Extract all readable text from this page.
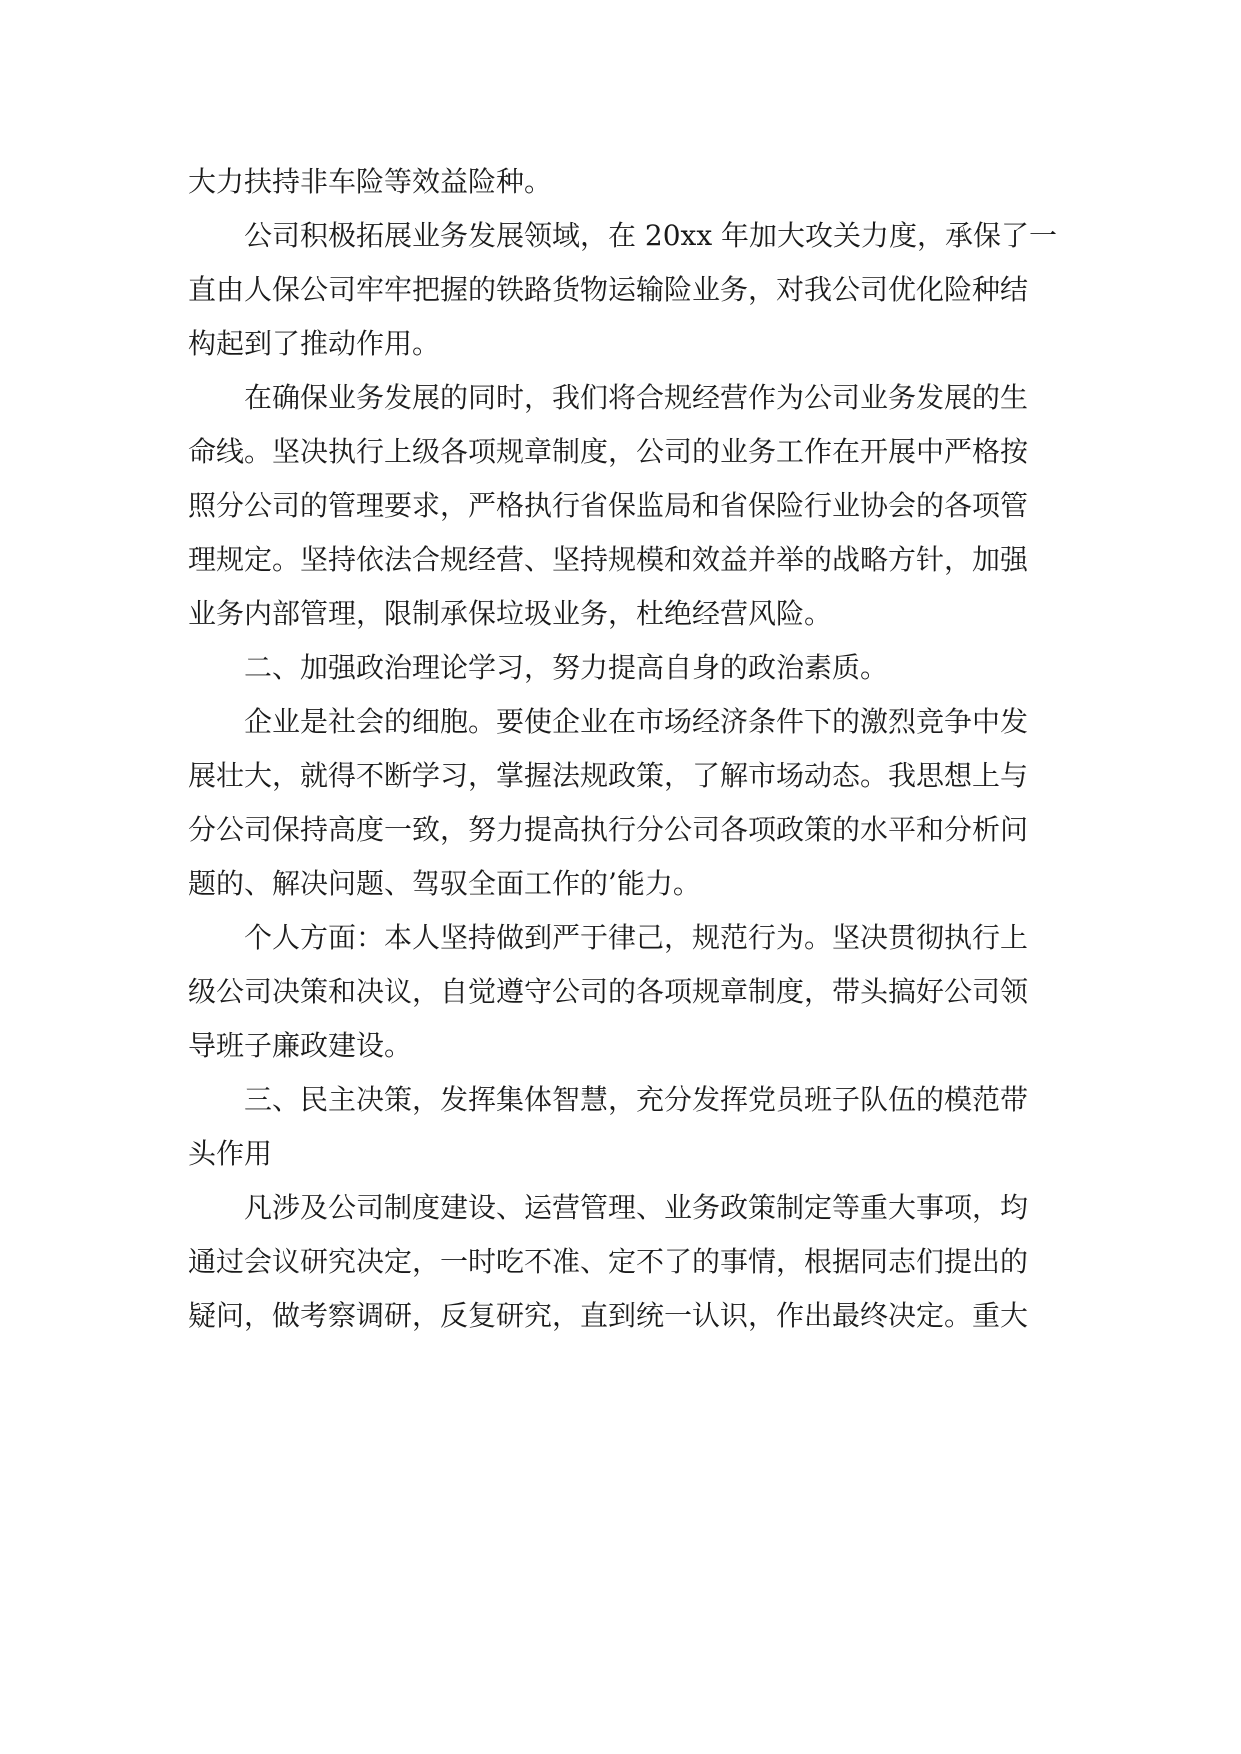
大力扶持非车险等效益险种。
　　公司积极拓展业务发展领域，在 20xx 年加大攻关力度，承保了一
直由人保公司牢牢把握的铁路货物运输险业务，对我公司优化险种结
构起到了推动作用。
　　在确保业务发展的同时，我们将合规经营作为公司业务发展的生
命线。坚决执行上级各项规章制度，公司的业务工作在开展中严格按
照分公司的管理要求，严格执行省保监局和省保险行业协会的各项管
理规定。坚持依法合规经营、坚持规模和效益并举的战略方针，加强
业务内部管理，限制承保垃圾业务，杜绝经营风险。
　　二、加强政治理论学习，努力提高自身的政治素质。
　　企业是社会的细胞。要使企业在市场经济条件下的激烈竞争中发
展壮大，就得不断学习，掌握法规政策，了解市场动态。我思想上与
分公司保持高度一致，努力提高执行分公司各项政策的水平和分析问
题的、解决问题、驾驭全面工作的’能力。
　　个人方面：本人坚持做到严于律己，规范行为。坚决贯彻执行上
级公司决策和决议，自觉遵守公司的各项规章制度，带头搞好公司领
导班子廉政建设。
　　三、民主决策，发挥集体智慧，充分发挥党员班子队伍的模范带
头作用
　　凡涉及公司制度建设、运营管理、业务政策制定等重大事项，均
通过会议研究决定，一时吃不准、定不了的事情，根据同志们提出的
疑问，做考察调研，反复研究，直到统一认识，作出最终决定。重大
